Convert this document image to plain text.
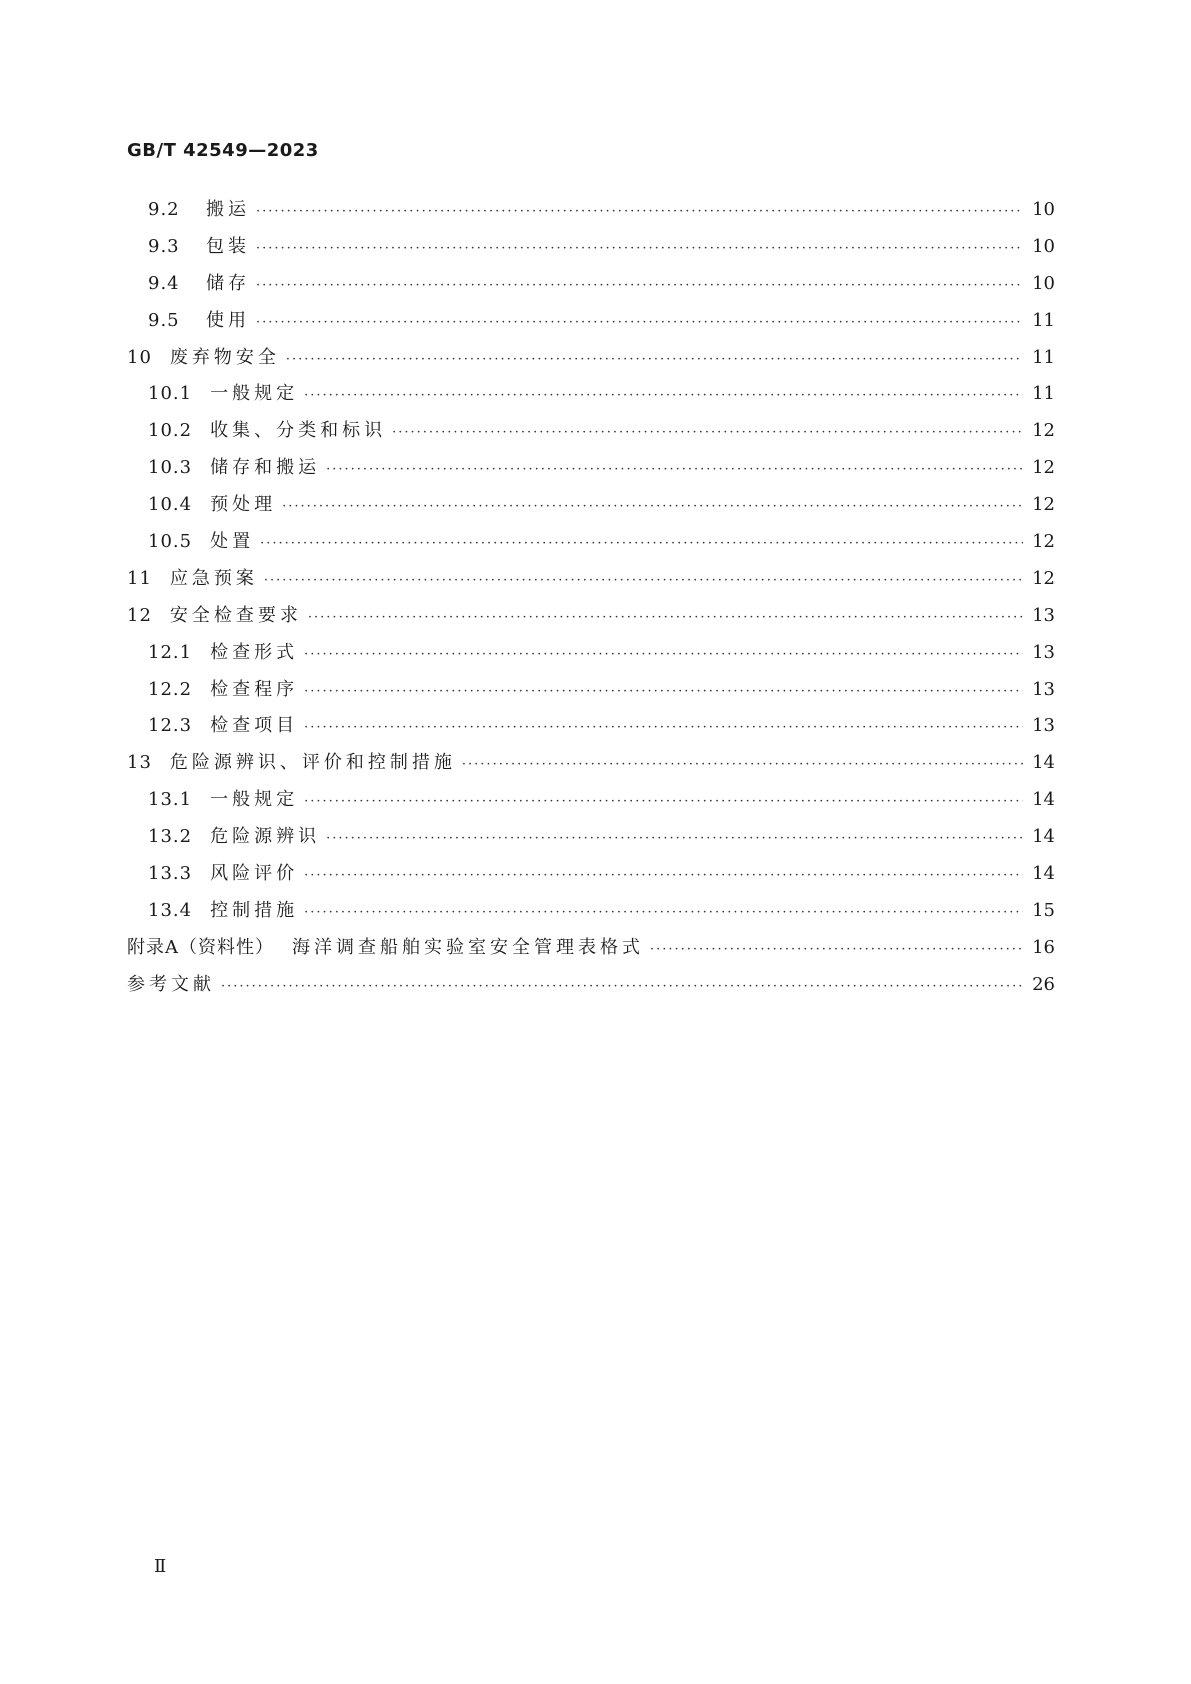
GB/T 42549—2023
9.2	搬运 ·····	10
9.3	包装 ·····	10
9.4	储存 ·····	10
9.5	使用 ·····	11
10 废弃物安全 ·····	11
10.1 一般规定 ·····	11
10.2 收集、分类和标识 ·····	12
10.3 储存和搬运 ·····	12
10.4 预处理 ·····	12
10.5 处置 ·····	12
11 应急预案 ·····	12
12 安全检查要求 ·····	13
12.1 检查形式 ·····	13
12.2 检查程序 ·····	13
12.3 检查项目 ·····	13
13 危险源辨识、评价和控制措施 ·····	14
13.1 一般规定 ·····	14
13.2 危险源辨识 ·····	14
13.3 风险评价 ·····	14
13.4 控制措施 ·····	15
附录A（资料性） 海洋调查船舶实验室安全管理表格式 ·····	16
参考文献 ·····	26
Ⅱ
